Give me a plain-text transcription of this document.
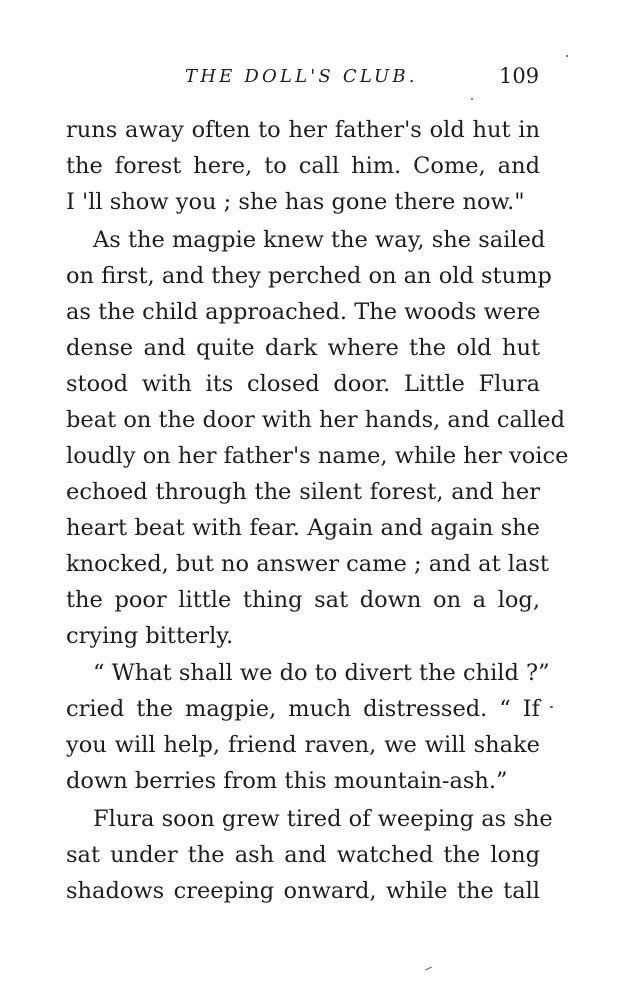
THE DOLL'S CLUB.	109
runs away often to her father's old hut in
the forest here, to call him. Come, and
I 'll show you ; she has gone there now."
As the magpie knew the way, she sailed
on first, and they perched on an old stump
as the child approached. The woods were
dense and quite dark where the old hut
stood with its closed door. Little Flura
beat on the door with her hands, and called
loudly on her father's name, while her voice
echoed through the silent forest, and her
heart beat with fear. Again and again she
knocked, but no answer came ; and at last
the poor little thing sat down on a log,
crying bitterly.
“ What shall we do to divert the child ?”
cried the magpie, much distressed. “ If
you will help, friend raven, we will shake
down berries from this mountain-ash.”
Flura soon grew tired of weeping as she
sat under the ash and watched the long
shadows creeping onward, while the tall
